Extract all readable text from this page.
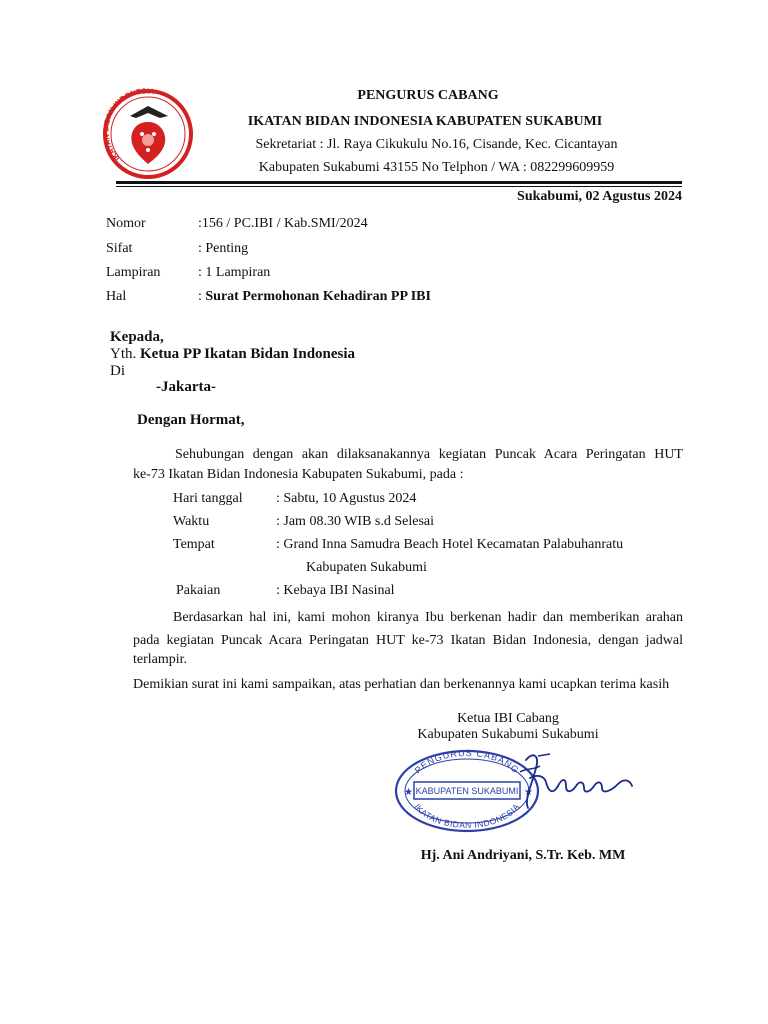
IKATAN BIDAN INDONESIA	PENGURUS CABANG
IKATAN BIDAN INDONESIA KABUPATEN SUKABUMI
Sekretariat : Jl. Raya Cikukulu No.16, Cisande, Kec. Cicantayan
Kabupaten Sukabumi 43155 No Telphon / WA : 082299609959
Sukabumi, 02 Agustus 2024
Nomor	:156 / PC.IBI / Kab.SMI/2024
Sifat	: Penting
Lampiran	: 1 Lampiran
Hal	: Surat Permohonan Kehadiran PP IBI
Kepada,
Yth. Ketua PP Ikatan Bidan Indonesia
Di
-Jakarta-
Dengan Hormat,
Sehubungan dengan akan dilaksanakannya kegiatan Puncak Acara Peringatan HUT
ke-73 Ikatan Bidan Indonesia Kabupaten Sukabumi, pada :
Hari tanggal : Sabtu, 10 Agustus 2024
Waktu	: Jam 08.30 WIB s.d Selesai
Tempat	: Grand Inna Samudra Beach Hotel Kecamatan Palabuhanratu
Kabupaten Sukabumi
Pakaian	: Kebaya IBI Nasinal
Berdasarkan hal ini, kami mohon kiranya Ibu berkenan hadir dan memberikan arahan
pada kegiatan Puncak Acara Peringatan HUT ke-73 Ikatan Bidan Indonesia, dengan jadwal
terlampir.
Demikian surat ini kami sampaikan, atas perhatian dan berkenannya kami ucapkan terima kasih
Ketua IBI Cabang
Kabupaten Sukabumi Sukabumi
PENGURUS CABANG
KABUPATEN SUKABUMI
IKATAN BIDAN INDONESIA
★	★
Hj. Ani Andriyani, S.Tr. Keb. MM
